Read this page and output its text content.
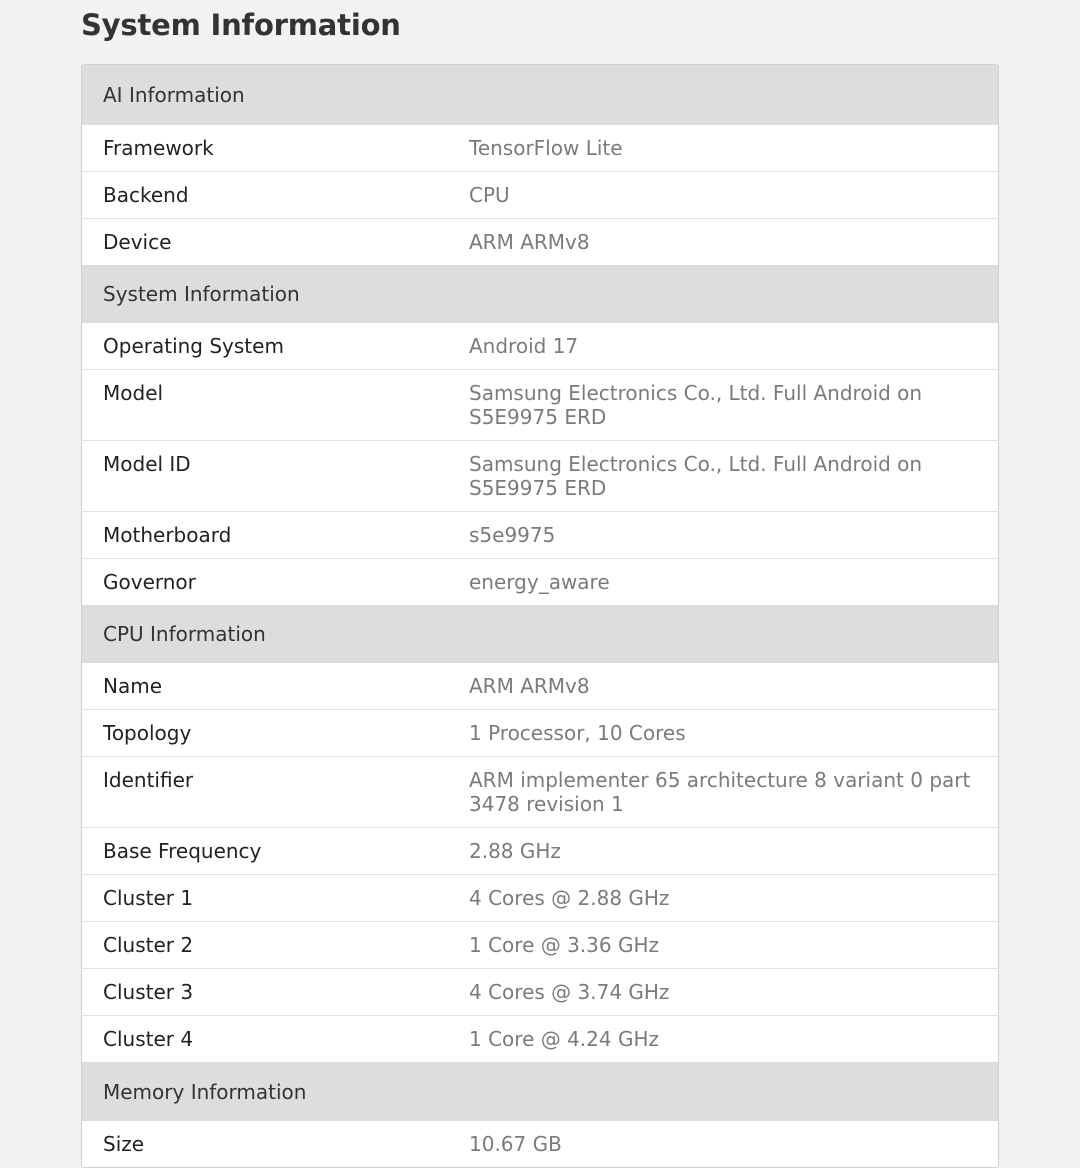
System Information
AI Information
Framework	TensorFlow Lite
Backend	CPU
Device	ARM ARMv8
System Information
Operating System	Android 17
Model	Samsung Electronics Co., Ltd. Full Android on S5E9975 ERD
Model ID	Samsung Electronics Co., Ltd. Full Android on S5E9975 ERD
Motherboard	s5e9975
Governor	energy_aware
CPU Information
Name	ARM ARMv8
Topology	1 Processor, 10 Cores
Identifier	ARM implementer 65 architecture 8 variant 0 part 3478 revision 1
Base Frequency	2.88 GHz
Cluster 1	4 Cores @ 2.88 GHz
Cluster 2	1 Core @ 3.36 GHz
Cluster 3	4 Cores @ 3.74 GHz
Cluster 4	1 Core @ 4.24 GHz
Memory Information
Size	10.67 GB
